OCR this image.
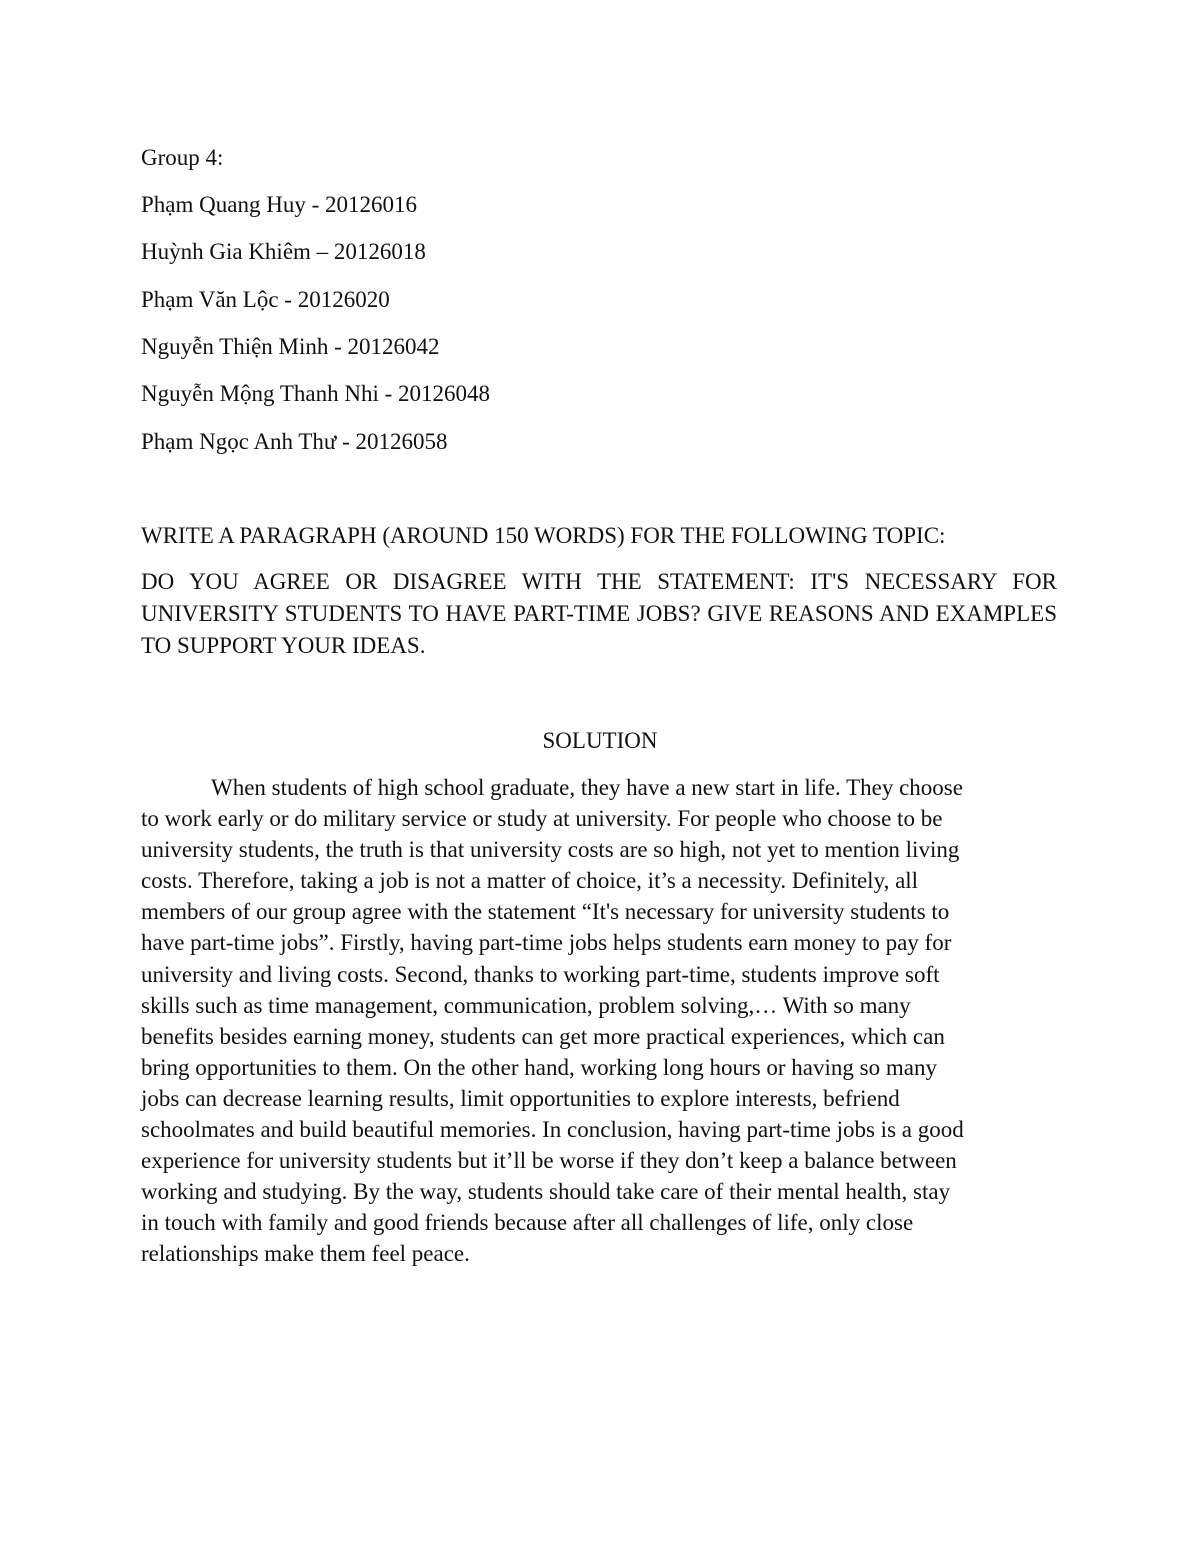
Group 4:

Phạm Quang Huy - 20126016

Huỳnh Gia Khiêm – 20126018

Phạm Văn Lộc - 20126020

Nguyễn Thiện Minh - 20126042

Nguyễn Mộng Thanh Nhi - 20126048

Phạm Ngọc Anh Thư - 20126058

WRITE A PARAGRAPH (AROUND 150 WORDS) FOR THE FOLLOWING TOPIC:

DO YOU AGREE OR DISAGREE WITH THE STATEMENT: IT'S NECESSARY FOR UNIVERSITY STUDENTS TO HAVE PART-TIME JOBS? GIVE REASONS AND EXAMPLES TO SUPPORT YOUR IDEAS.

SOLUTION

When students of high school graduate, they have a new start in life. They choose
to work early or do military service or study at university. For people who choose to be
university students, the truth is that university costs are so high, not yet to mention living
costs. Therefore, taking a job is not a matter of choice, it’s a necessity. Definitely, all
members of our group agree with the statement “It's necessary for university students to
have part-time jobs”. Firstly, having part-time jobs helps students earn money to pay for
university and living costs. Second, thanks to working part-time, students improve soft
skills such as time management, communication, problem solving,… With so many
benefits besides earning money, students can get more practical experiences, which can
bring opportunities to them. On the other hand, working long hours or having so many
jobs can decrease learning results, limit opportunities to explore interests, befriend
schoolmates and build beautiful memories. In conclusion, having part-time jobs is a good
experience for university students but it’ll be worse if they don’t keep a balance between
working and studying. By the way, students should take care of their mental health, stay
in touch with family and good friends because after all challenges of life, only close
relationships make them feel peace.
